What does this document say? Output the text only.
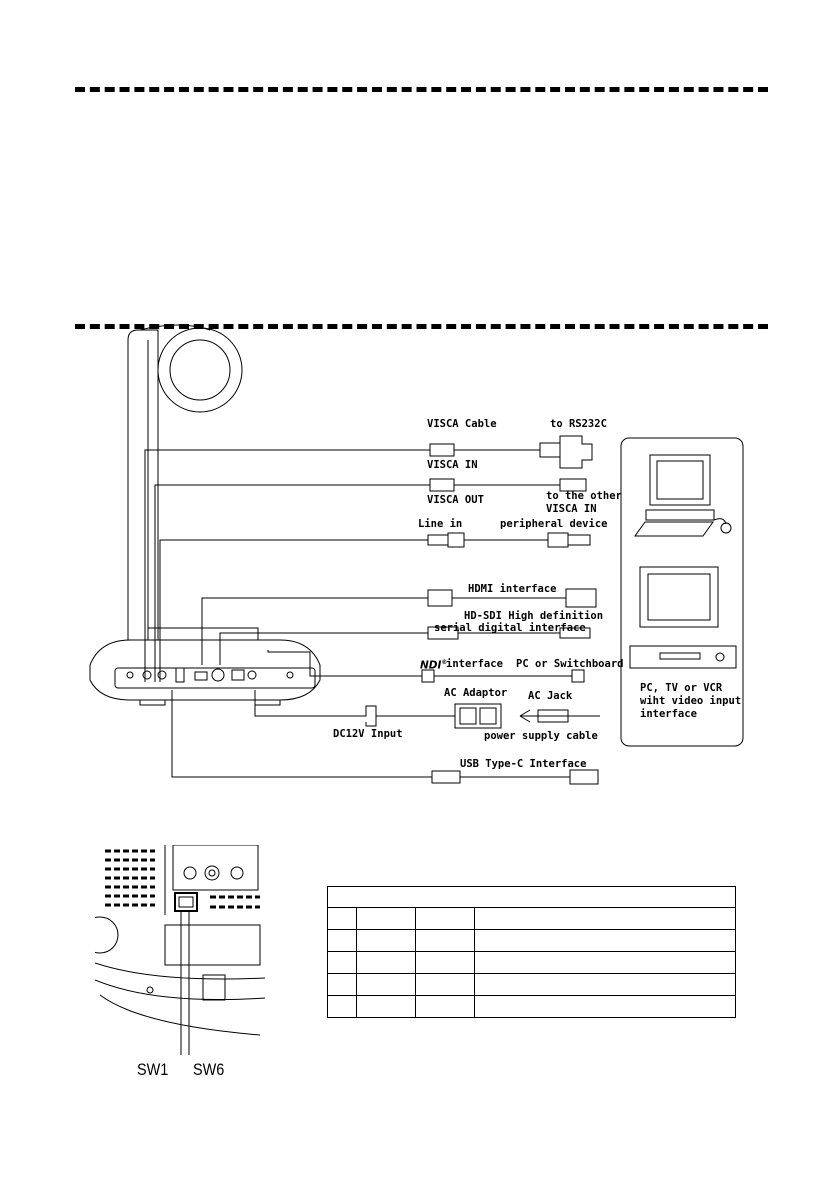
VISCA Cable	to RS232C
VISCA IN
VISCA OUT	to the other
VISCA IN
Line in	peripheral device
HDMI interface
HD-SDI High definition
serial digital interface
NDI®
interface PC or Switchboard
AC Adaptor AC Jack
DC12V Input	power supply cable
USB Type-C Interface
PC, TV or VCR
wiht video input
interface
SW1 SW6
